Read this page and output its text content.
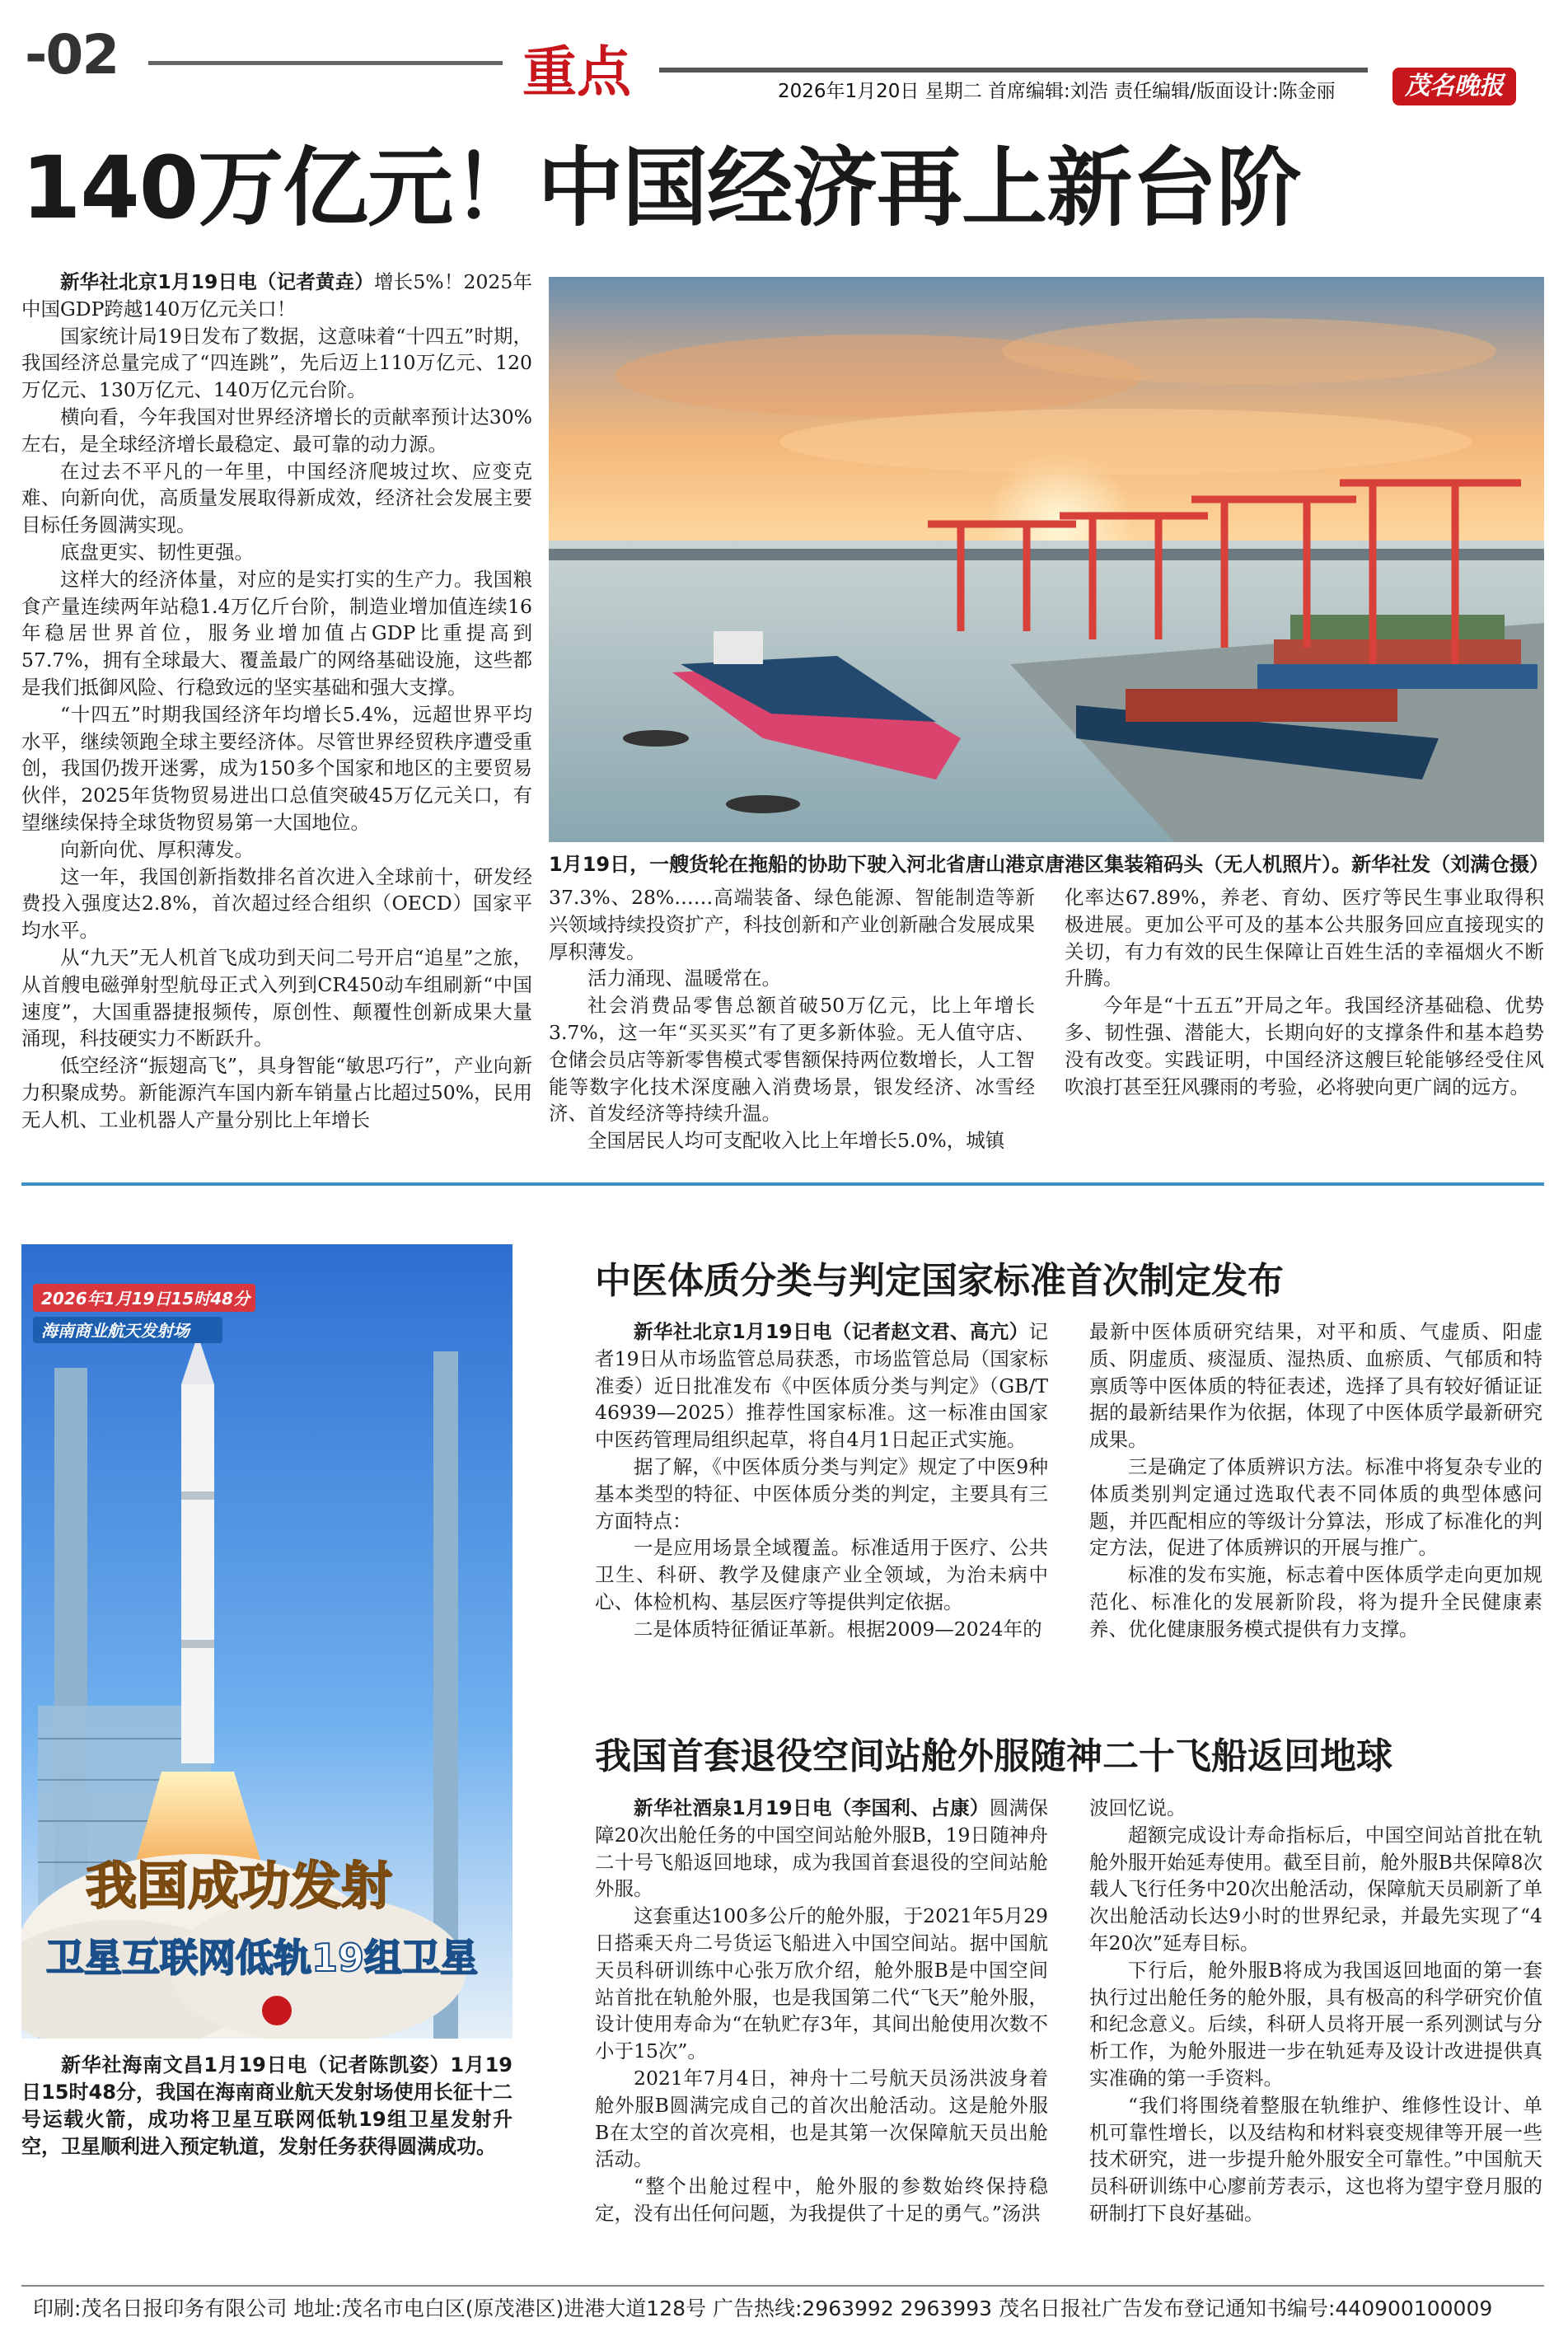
-02	重点	2026年1月20日 星期二 首席编辑:刘浩 责任编辑/版面设计:陈金丽	茂名晚报
140万亿元！中国经济再上新台阶

新华社北京1月19日电（记者黄垚）增长5%！2025年中国GDP跨越140万亿元关口！

国家统计局19日发布了数据，这意味着“十四五”时期，我国经济总量完成了“四连跳”，先后迈上110万亿元、120万亿元、130万亿元、140万亿元台阶。

横向看，今年我国对世界经济增长的贡献率预计达30%左右，是全球经济增长最稳定、最可靠的动力源。

在过去不平凡的一年里，中国经济爬坡过坎、应变克难、向新向优，高质量发展取得新成效，经济社会发展主要目标任务圆满实现。

底盘更实、韧性更强。

这样大的经济体量，对应的是实打实的生产力。我国粮食产量连续两年站稳1.4万亿斤台阶，制造业增加值连续16年稳居世界首位，服务业增加值占GDP比重提高到57.7%，拥有全球最大、覆盖最广的网络基础设施，这些都是我们抵御风险、行稳致远的坚实基础和强大支撑。

“十四五”时期我国经济年均增长5.4%，远超世界平均水平，继续领跑全球主要经济体。尽管世界经贸秩序遭受重创，我国仍拨开迷雾，成为150多个国家和地区的主要贸易伙伴，2025年货物贸易进出口总值突破45万亿元关口，有望继续保持全球货物贸易第一大国地位。

向新向优、厚积薄发。

这一年，我国创新指数排名首次进入全球前十，研发经费投入强度达2.8%，首次超过经合组织（OECD）国家平均水平。

从“九天”无人机首飞成功到天问二号开启“追星”之旅，从首艘电磁弹射型航母正式入列到CR450动车组刷新“中国速度”，大国重器捷报频传，原创性、颠覆性创新成果大量涌现，科技硬实力不断跃升。

低空经济“振翅高飞”，具身智能“敏思巧行”，产业向新力积聚成势。新能源汽车国内新车销量占比超过50%，民用无人机、工业机器人产量分别比上年增长

1月19日，一艘货轮在拖船的协助下驶入河北省唐山港京唐港区集装箱码头（无人机照片）。新华社发（刘满仓摄）

37.3%、28%……高端装备、绿色能源、智能制造等新兴领域持续投资扩产，科技创新和产业创新融合发展成果厚积薄发。

活力涌现、温暖常在。

社会消费品零售总额首破50万亿元，比上年增长3.7%，这一年“买买买”有了更多新体验。无人值守店、仓储会员店等新零售模式零售额保持两位数增长，人工智能等数字化技术深度融入消费场景，银发经济、冰雪经济、首发经济等持续升温。

全国居民人均可支配收入比上年增长5.0%，城镇

化率达67.89%，养老、育幼、医疗等民生事业取得积极进展。更加公平可及的基本公共服务回应直接现实的关切，有力有效的民生保障让百姓生活的幸福烟火不断升腾。

今年是“十五五”开局之年。我国经济基础稳、优势多、韧性强、潜能大，长期向好的支撑条件和基本趋势没有改变。实践证明，中国经济这艘巨轮能够经受住风吹浪打甚至狂风骤雨的考验，必将驶向更广阔的远方。

2026年1月19日15时48分
海南商业航天发射场
我国成功发射
卫星互联网低轨19组卫星

新华社海南文昌1月19日电（记者陈凯姿）1月19日15时48分，我国在海南商业航天发射场使用长征十二号运载火箭，成功将卫星互联网低轨19组卫星发射升空，卫星顺利进入预定轨道，发射任务获得圆满成功。

中医体质分类与判定国家标准首次制定发布

新华社北京1月19日电（记者赵文君、高亢）记者19日从市场监管总局获悉，市场监管总局（国家标准委）近日批准发布《中医体质分类与判定》（GB/T 46939—2025）推荐性国家标准。这一标准由国家中医药管理局组织起草，将自4月1日起正式实施。

据了解，《中医体质分类与判定》规定了中医9种基本类型的特征、中医体质分类的判定，主要具有三方面特点：

一是应用场景全域覆盖。标准适用于医疗、公共卫生、科研、教学及健康产业全领域，为治未病中心、体检机构、基层医疗等提供判定依据。

二是体质特征循证革新。根据2009—2024年的

最新中医体质研究结果，对平和质、气虚质、阳虚质、阴虚质、痰湿质、湿热质、血瘀质、气郁质和特禀质等中医体质的特征表述，选择了具有较好循证证据的最新结果作为依据，体现了中医体质学最新研究成果。

三是确定了体质辨识方法。标准中将复杂专业的体质类别判定通过选取代表不同体质的典型体感问题，并匹配相应的等级计分算法，形成了标准化的判定方法，促进了体质辨识的开展与推广。

标准的发布实施，标志着中医体质学走向更加规范化、标准化的发展新阶段，将为提升全民健康素养、优化健康服务模式提供有力支撑。

我国首套退役空间站舱外服随神二十飞船返回地球

新华社酒泉1月19日电（李国利、占康）圆满保障20次出舱任务的中国空间站舱外服B，19日随神舟二十号飞船返回地球，成为我国首套退役的空间站舱外服。

这套重达100多公斤的舱外服，于2021年5月29日搭乘天舟二号货运飞船进入中国空间站。据中国航天员科研训练中心张万欣介绍，舱外服B是中国空间站首批在轨舱外服，也是我国第二代“飞天”舱外服，设计使用寿命为“在轨贮存3年，其间出舱使用次数不小于15次”。

2021年7月4日，神舟十二号航天员汤洪波身着舱外服B圆满完成自己的首次出舱活动。这是舱外服B在太空的首次亮相，也是其第一次保障航天员出舱活动。

“整个出舱过程中，舱外服的参数始终保持稳定，没有出任何问题，为我提供了十足的勇气。”汤洪

波回忆说。

超额完成设计寿命指标后，中国空间站首批在轨舱外服开始延寿使用。截至目前，舱外服B共保障8次载人飞行任务中20次出舱活动，保障航天员刷新了单次出舱活动长达9小时的世界纪录，并最先实现了“4年20次”延寿目标。

下行后，舱外服B将成为我国返回地面的第一套执行过出舱任务的舱外服，具有极高的科学研究价值和纪念意义。后续，科研人员将开展一系列测试与分析工作，为舱外服进一步在轨延寿及设计改进提供真实准确的第一手资料。

“我们将围绕着整服在轨维护、维修性设计、单机可靠性增长，以及结构和材料衰变规律等开展一些技术研究，进一步提升舱外服安全可靠性。”中国航天员科研训练中心廖前芳表示，这也将为望宇登月服的研制打下良好基础。

印刷:茂名日报印务有限公司 地址:茂名市电白区(原茂港区)进港大道128号 广告热线:2963992 2963993 茂名日报社广告发布登记通知书编号:440900100009
